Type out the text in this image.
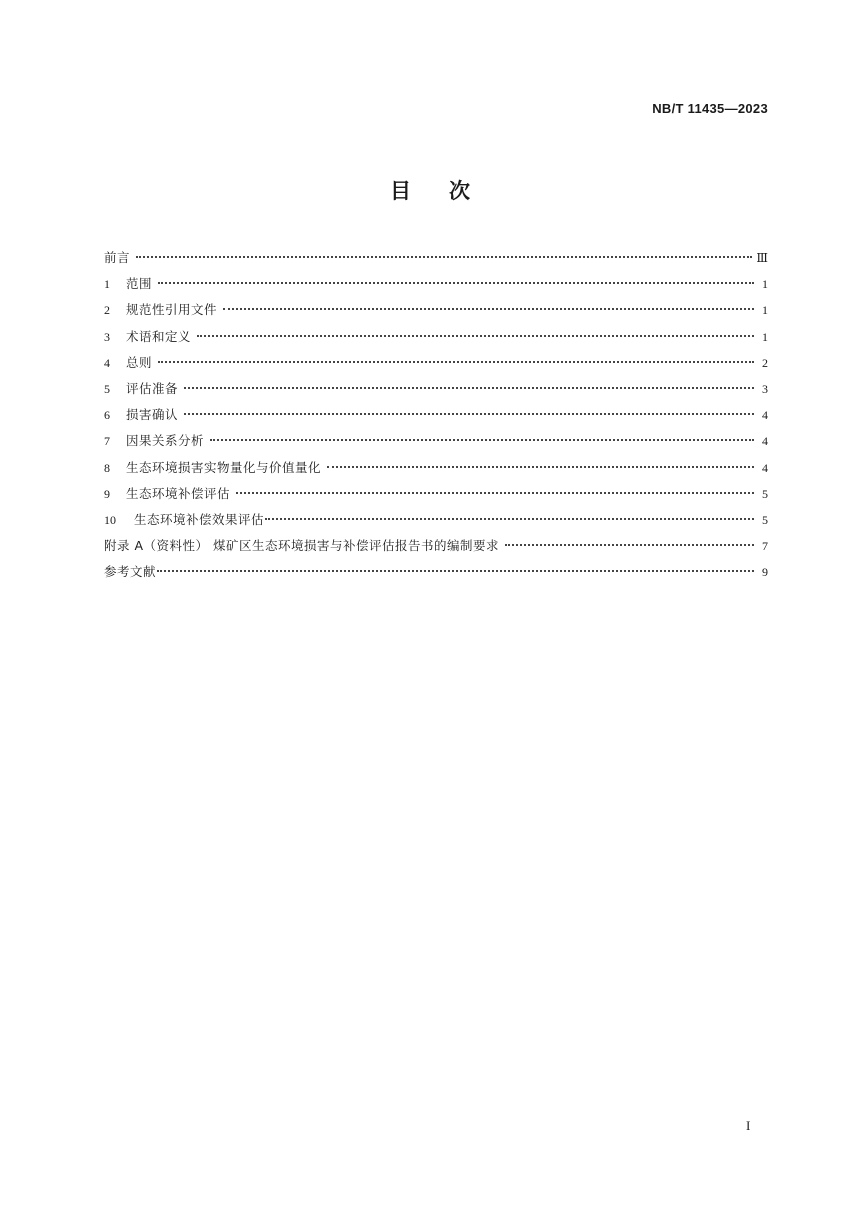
NB/T 11435—2023
目 次
前言	Ⅲ
1	范围	1
2	规范性引用文件	1
3	术语和定义	1
4	总则	2
5	评估准备	3
6	损害确认	4
7	因果关系分析	4
8	生态环境损害实物量化与价值量化	4
9	生态环境补偿评估	5
10	生态环境补偿效果评估	5
附录 A（资料性） 煤矿区生态环境损害与补偿评估报告书的编制要求	7
参考文献	9
I
